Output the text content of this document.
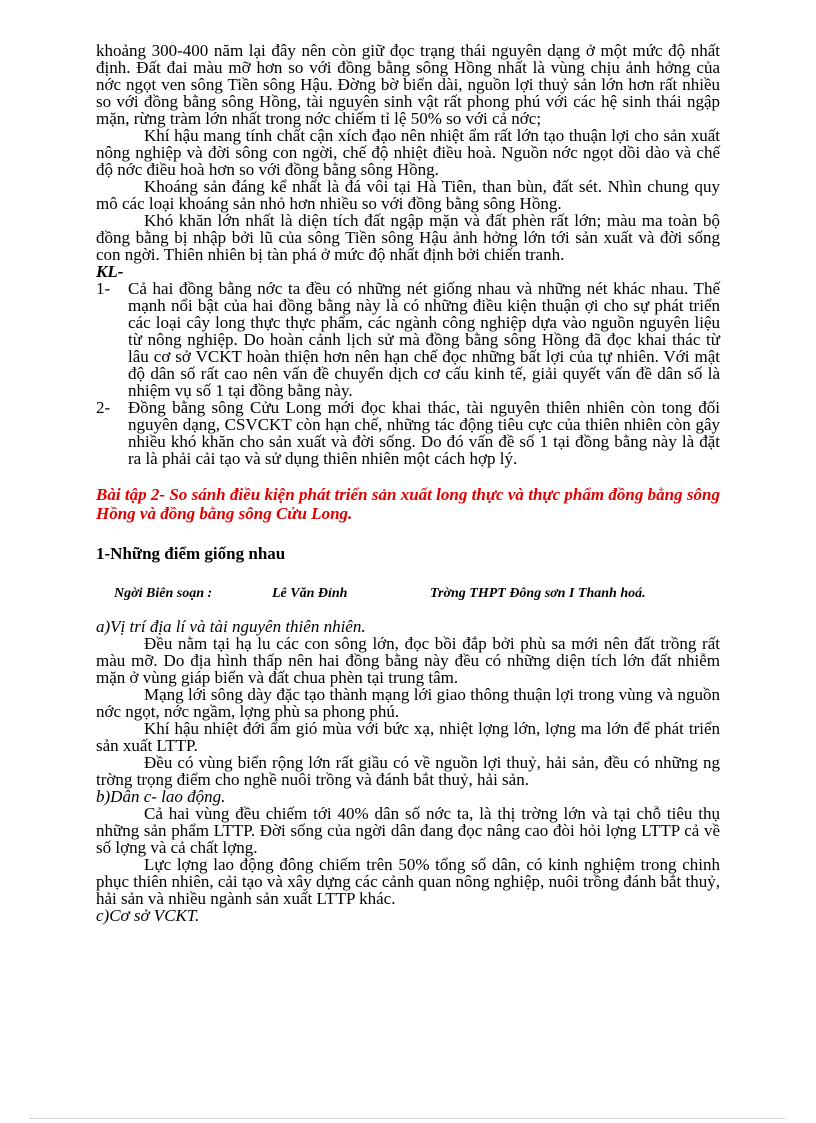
khoảng 300-400 năm lại đây nên còn giữ đọc trạng thái nguyên dạng ở một mức độ nhất định. Đất đai màu mỡ hơn so với đồng bằng sông Hồng nhất là vùng chịu ảnh hởng của nớc ngọt ven sông Tiền sông Hậu. Đờng bờ biển dài, nguồn lợi thuỷ sản lớn hơn rất nhiều so với đồng bằng sông Hồng, tài nguyên sinh vật rất phong phú với các hệ sinh thái ngập mặn, rừng tràm lớn nhất trong nớc chiếm tỉ lệ 50% so với cả nớc;

Khí hậu mang tính chất cận xích đạo nên nhiệt ẩm rất lớn tạo thuận lợi cho sản xuất nông nghiệp và đời sông con ngời, chế độ nhiệt điều hoà. Nguồn nớc ngọt dồi dào và chế độ nớc điều hoà hơn so với đồng bằng sông Hồng.

Khoáng sản đáng kể nhất là đá vôi tại Hà Tiên, than bùn, đất sét. Nhìn chung quy mô các loại khoáng sản nhỏ hơn nhiều so với đồng bằng sông Hồng.

Khó khăn lớn nhất là diện tích đất ngập mặn và đất phèn rất lớn; màu ma toàn bộ đồng bằng bị nhập bởi lũ của sông Tiền sông Hậu ảnh hởng lớn tới sản xuất và đời sống con ngời. Thiên nhiên bị tàn phá ở mức độ nhất định bởi chiến tranh.

KL-

1-	Cả hai đồng bằng nớc ta đều có những nét giống nhau và những nét khác nhau. Thế mạnh nổi bật của hai đồng bằng này là có những điều kiện thuận ợi cho sự phát triển các loại cây long thực thực phẩm, các ngành công nghiệp dựa vào nguồn nguyên liệu từ nông nghiệp. Do hoàn cảnh lịch sử mà đồng bằng sông Hồng đã đọc khai thác từ lâu cơ sở VCKT hoàn thiện hơn nên hạn chế đọc những bất lợi của tự nhiên. Với mật độ dân số rất cao nên vấn đề chuyển dịch cơ cấu kinh tế, giải quyết vấn đề dân số là nhiệm vụ số 1 tại đồng bằng này.

2-	Đồng bằng sông Cửu Long mới đọc khai thác, tài nguyên thiên nhiên còn tong đối nguyên dạng, CSVCKT còn hạn chế, những tác động tiêu cực của thiên nhiên còn gây nhiều khó khăn cho sản xuất và đời sống. Do đó vấn đề số 1 tại đồng bằng này là đặt ra là phải cải tạo và sử dụng thiên nhiên một cách hợp lý.

Bài tập 2- So sánh điều kiện phát triển sản xuất long thực và thực phẩm đồng bằng sông Hồng và đồng bằng sông Cửu Long.

1-Những điểm giống nhau

Ngời Biên soạn :	Lê Văn Đỉnh	Trờng THPT Đông sơn I Thanh hoá.

a)Vị trí địa lí và tài nguyên thiên nhiên.

Đều nằm tại hạ lu các con sông lớn, đọc bồi đắp bởi phù sa mới nên đất trồng rất màu mỡ. Do địa hình thấp nên hai đồng bằng này đều có những diện tích lớn đất nhiễm mặn ở vùng giáp biển và đất chua phèn tại trung tâm.

Mạng lới sông dày đặc tạo thành mạng lới giao thông thuận lợi trong vùng và nguồn nớc ngọt, nớc ngầm, lợng phù sa phong phú.

Khí hậu nhiệt đới ẩm gió mùa với bức xạ, nhiệt lợng lớn, lợng ma lớn để phát triển sản xuất LTTP.

Đều có vùng biển rộng lớn rất giầu có về nguồn lợi thuỷ, hải sản, đều có những ng trờng trọng điểm cho nghề nuôi trồng và đánh bắt thuỷ, hải sản.

b)Dân c- lao động.

Cả hai vùng đều chiếm tới 40% dân số nớc ta, là thị trờng lớn và tại chỗ tiêu thụ những sản phẩm LTTP. Đời sống của ngời dân đang đọc nâng cao đòi hỏi lợng LTTP cả về số lợng và cả chất lợng.

Lực lợng lao động đông chiếm trên 50% tổng số dân, có kinh nghiệm trong chinh phục thiên nhiên, cải tạo và xây dựng các cảnh quan nông nghiệp, nuôi trồng đánh bắt thuỷ, hải sản và nhiều ngành sản xuất LTTP khác.

c)Cơ sở VCKT.
